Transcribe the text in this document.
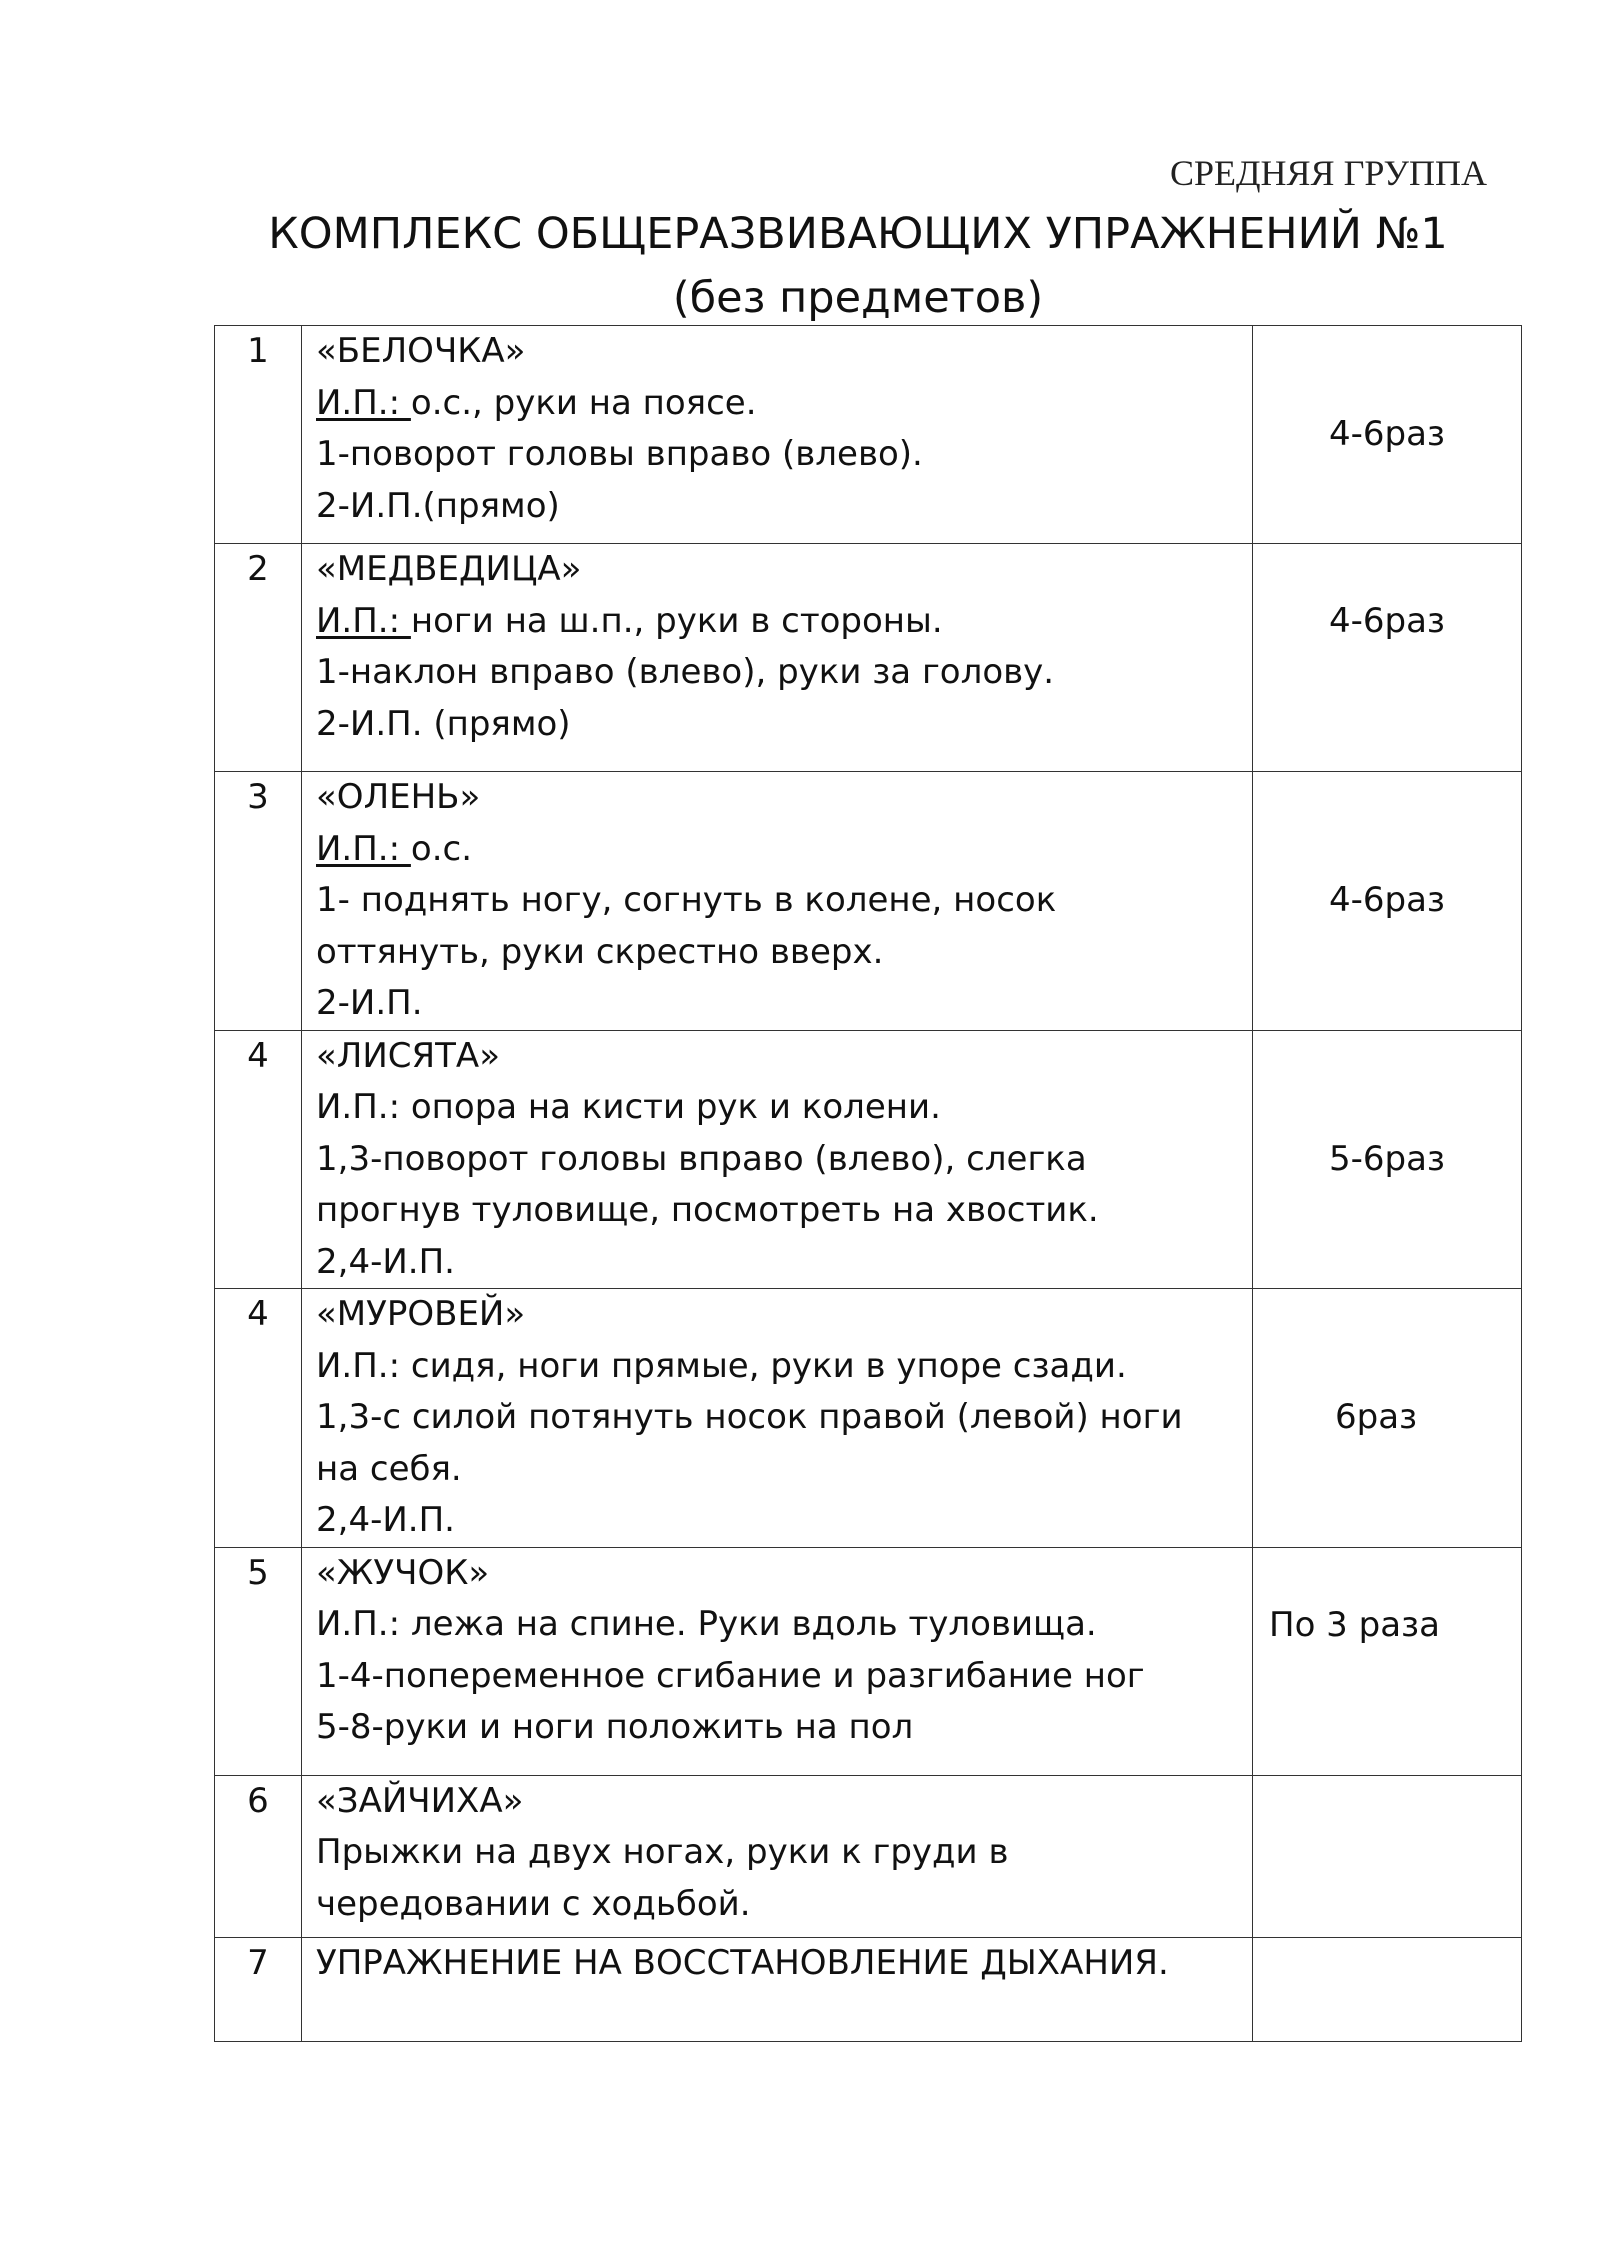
СРЕДНЯЯ ГРУППА
КОМПЛЕКС ОБЩЕРАЗВИВАЮЩИХ УПРАЖНЕНИЙ №1
(без предметов)
1	«БЕЛОЧКА»
И.П.: о.с., руки на поясе.
1-поворот головы вправо (влево).
2-И.П.(прямо)	4-6раз

2	«МЕДВЕДИЦА»
И.П.: ноги на ш.п., руки в стороны.
1-наклон вправо (влево), руки за голову.
2-И.П. (прямо)	4-6раз

3	«ОЛЕНЬ»
И.П.: о.с.
1- поднять ногу, согнуть в колене, носок
оттянуть, руки скрестно вверх.
2-И.П.	4-6раз

4	«ЛИСЯТА»
И.П.: опора на кисти рук и колени.
1,3-поворот головы вправо (влево), слегка
прогнув туловище, посмотреть на хвостик.
2,4-И.П.	5-6раз

4	«МУРОВЕЙ»
И.П.: сидя, ноги прямые, руки в упоре сзади.
1,3-с силой потянуть носок правой (левой) ноги
на себя.
2,4-И.П.	6раз

5	«ЖУЧОК»
И.П.: лежа на спине. Руки вдоль туловища.
1-4-попеременное сгибание и разгибание ног
5-8-руки и ноги положить на пол	По 3 раза

6	«ЗАЙЧИХА»
Прыжки на двух ногах, руки к груди в
чередовании с ходьбой.	

7	УПРАЖНЕНИЕ НА ВОССТАНОВЛЕНИЕ ДЫХАНИЯ.	
